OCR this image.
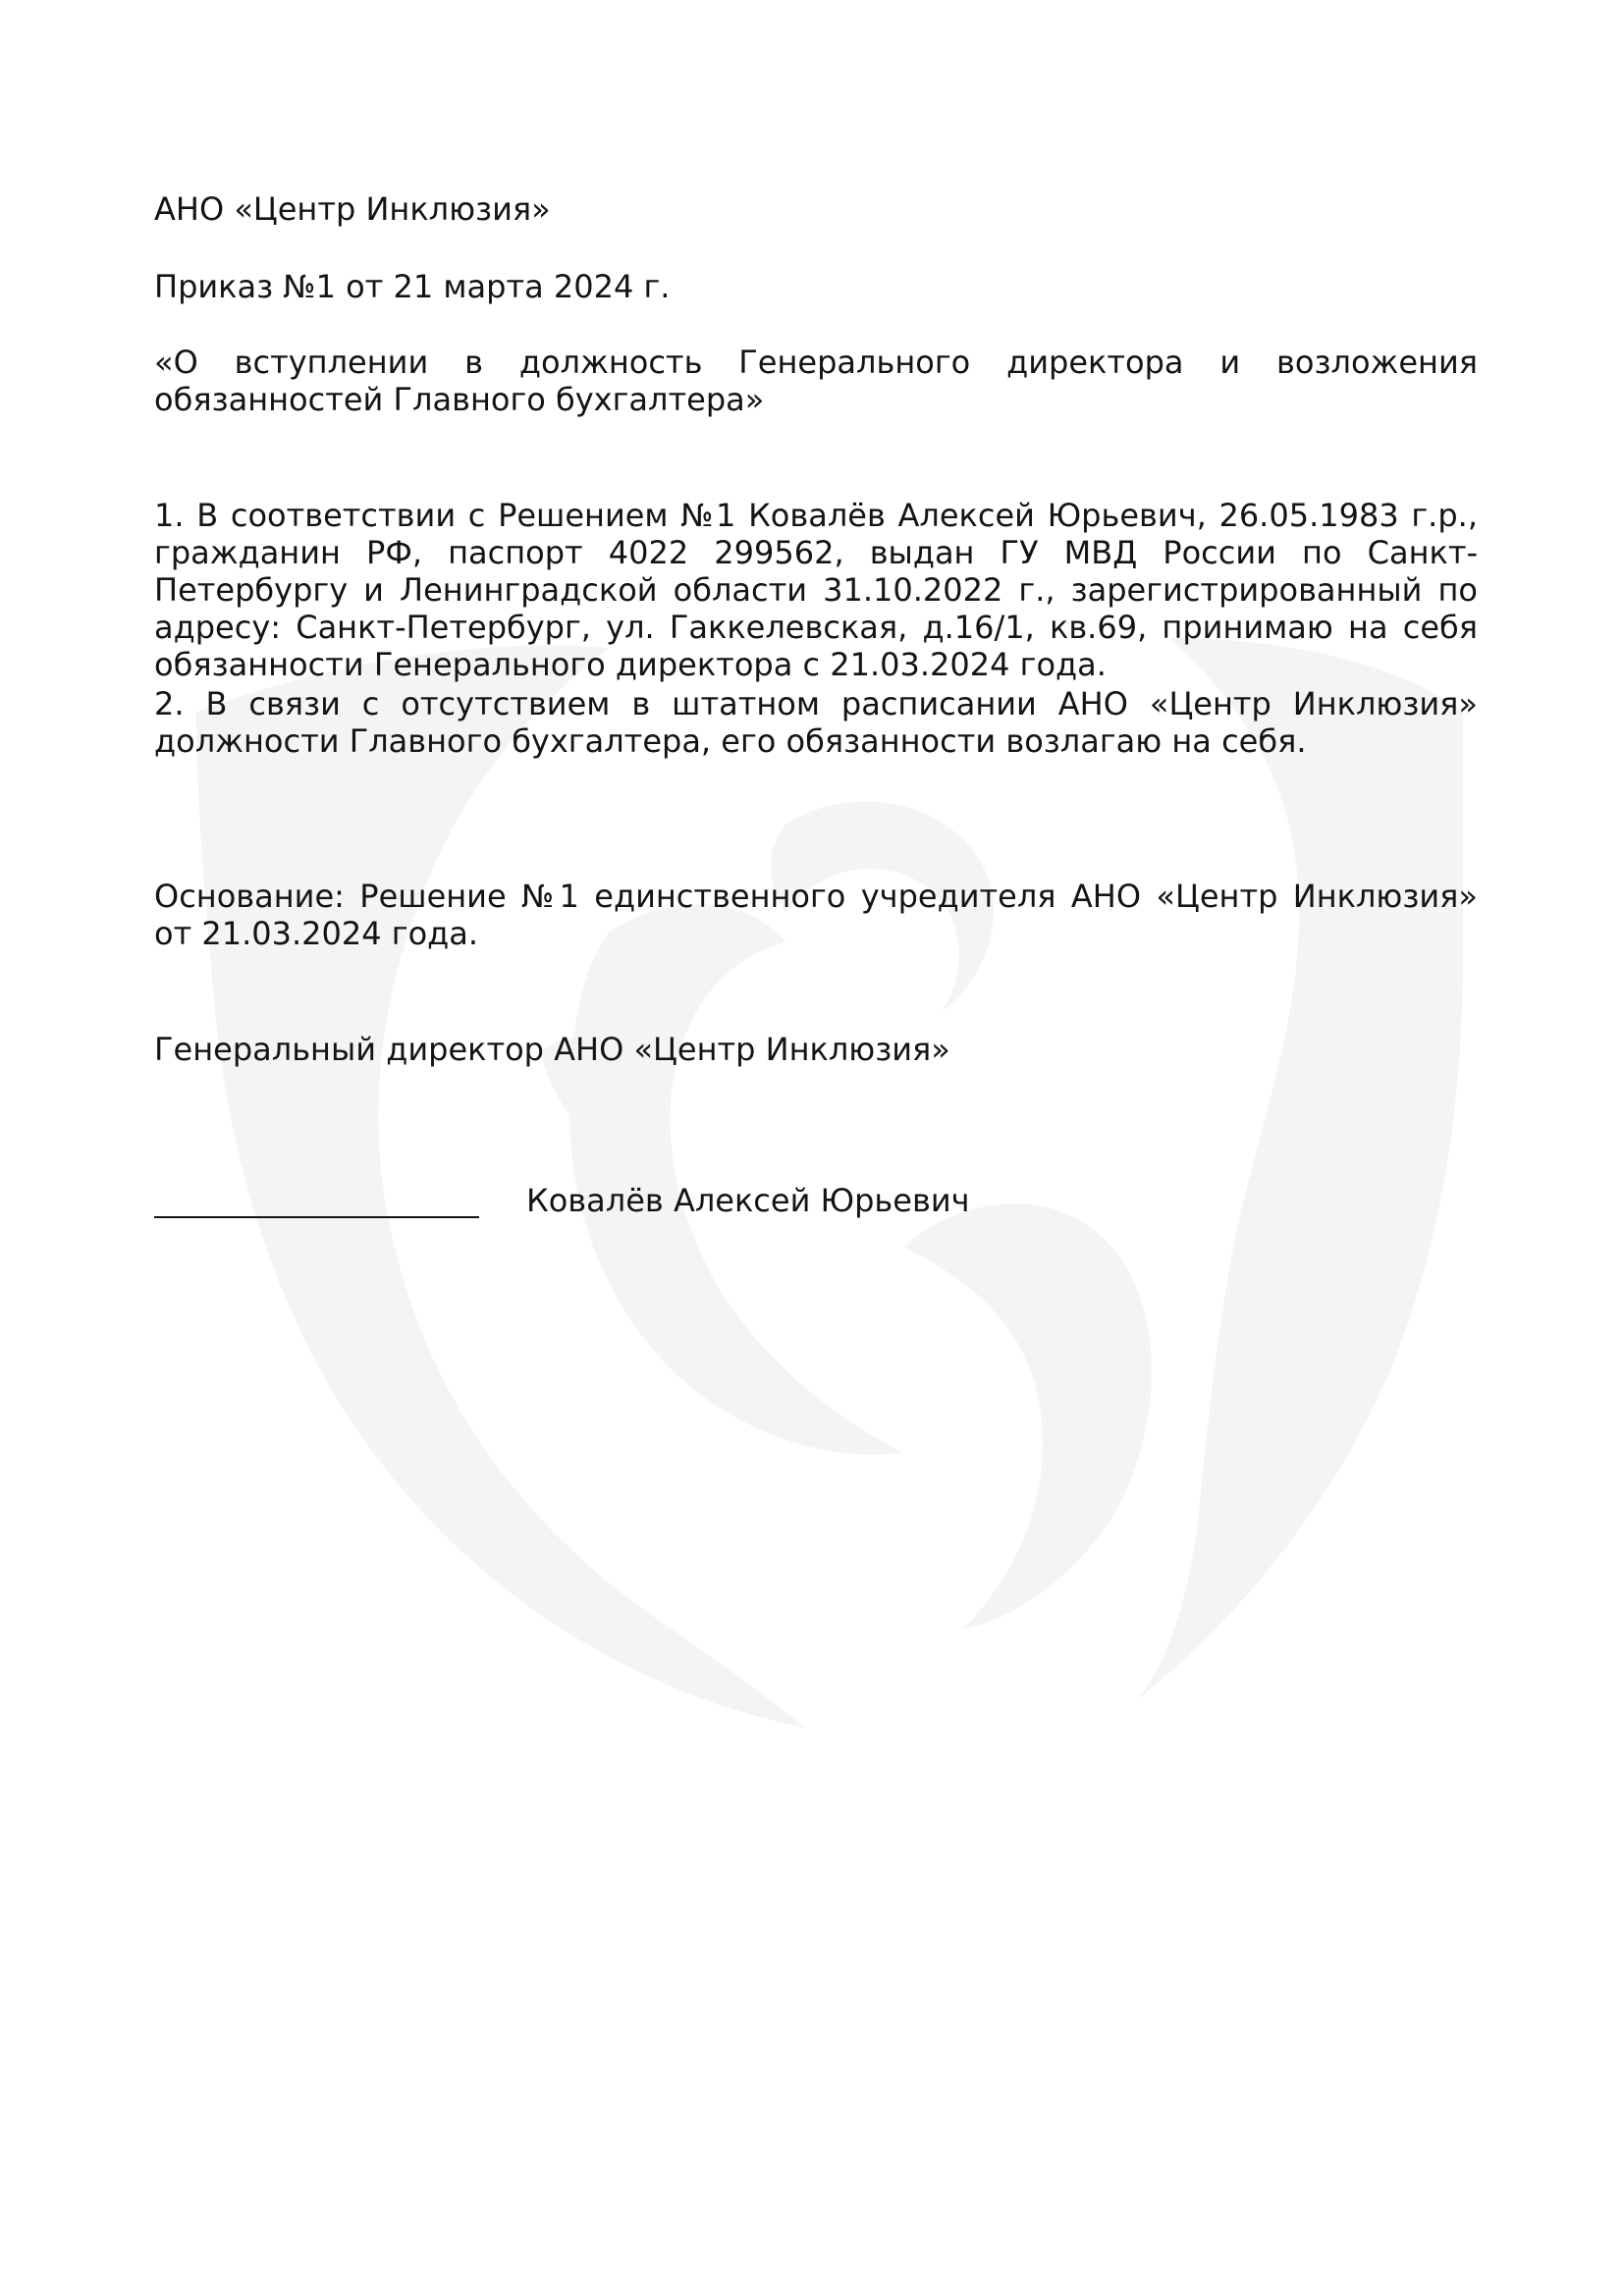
АНО «Центр Инклюзия»
Приказ №1 от 21 марта 2024 г.
«О вступлении в должность Генерального директора и возложения обязанностей Главного бухгалтера»
1. В соответствии с Решением №1 Ковалёв Алексей Юрьевич, 26.05.1983 г.р., гражданин РФ, паспорт 4022 299562, выдан ГУ МВД России по Санкт-Петербургу и Ленинградской области 31.10.2022 г., зарегистрированный по адресу: Санкт-Петербург, ул. Гаккелевская, д.16/1, кв.69, принимаю на себя обязанности Генерального директора с 21.03.2024 года.
2. В связи с отсутствием в штатном расписании АНО «Центр Инклюзия» должности Главного бухгалтера, его обязанности возлагаю на себя.
Основание: Решение №1 единственного учредителя АНО «Центр Инклюзия» от 21.03.2024 года.
Генеральный директор АНО «Центр Инклюзия»
Ковалёв Алексей Юрьевич
